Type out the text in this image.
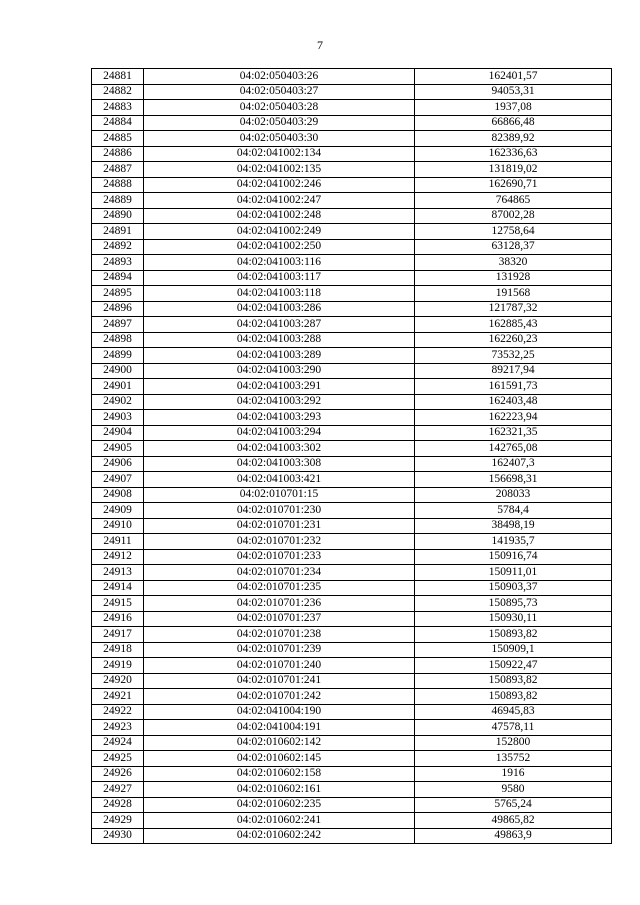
7
24881	04:02:050403:26	162401,57
24882	04:02:050403:27	94053,31
24883	04:02:050403:28	1937,08
24884	04:02:050403:29	66866,48
24885	04:02:050403:30	82389,92
24886	04:02:041002:134	162336,63
24887	04:02:041002:135	131819,02
24888	04:02:041002:246	162690,71
24889	04:02:041002:247	764865
24890	04:02:041002:248	87002,28
24891	04:02:041002:249	12758,64
24892	04:02:041002:250	63128,37
24893	04:02:041003:116	38320
24894	04:02:041003:117	131928
24895	04:02:041003:118	191568
24896	04:02:041003:286	121787,32
24897	04:02:041003:287	162885,43
24898	04:02:041003:288	162260,23
24899	04:02:041003:289	73532,25
24900	04:02:041003:290	89217,94
24901	04:02:041003:291	161591,73
24902	04:02:041003:292	162403,48
24903	04:02:041003:293	162223,94
24904	04:02:041003:294	162321,35
24905	04:02:041003:302	142765,08
24906	04:02:041003:308	162407,3
24907	04:02:041003:421	156698,31
24908	04:02:010701:15	208033
24909	04:02:010701:230	5784,4
24910	04:02:010701:231	38498,19
24911	04:02:010701:232	141935,7
24912	04:02:010701:233	150916,74
24913	04:02:010701:234	150911,01
24914	04:02:010701:235	150903,37
24915	04:02:010701:236	150895,73
24916	04:02:010701:237	150930,11
24917	04:02:010701:238	150893,82
24918	04:02:010701:239	150909,1
24919	04:02:010701:240	150922,47
24920	04:02:010701:241	150893,82
24921	04:02:010701:242	150893,82
24922	04:02:041004:190	46945,83
24923	04:02:041004:191	47578,11
24924	04:02:010602:142	152800
24925	04:02:010602:145	135752
24926	04:02:010602:158	1916
24927	04:02:010602:161	9580
24928	04:02:010602:235	5765,24
24929	04:02:010602:241	49865,82
24930	04:02:010602:242	49863,9
